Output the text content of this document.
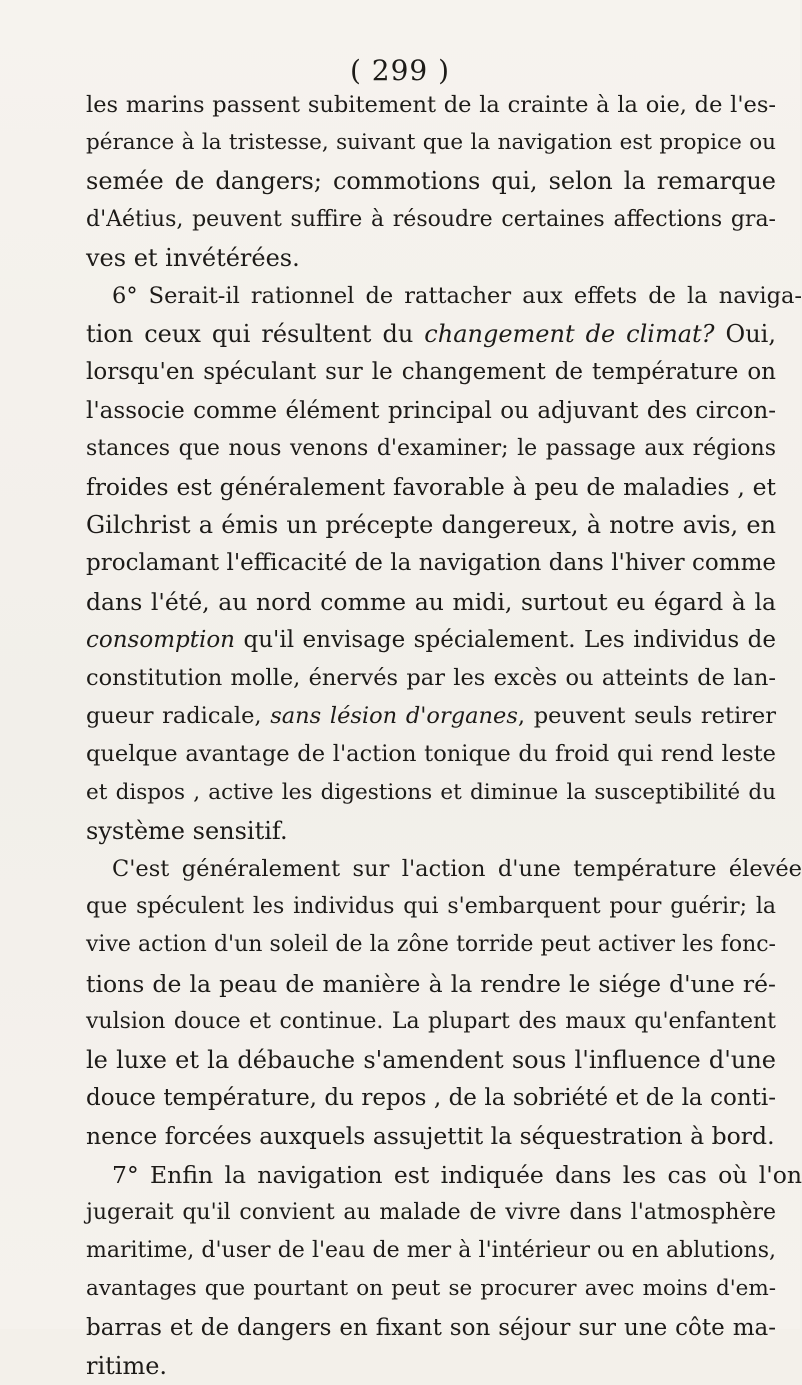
( 299 )
les marins passent subitement de la crainte à la oie, de l'es-
pérance à la tristesse, suivant que la navigation est propice ou
semée de dangers; commotions qui, selon la remarque
d'Aétius, peuvent suffire à résoudre certaines affections gra-
ves et invétérées.
6° Serait-il rationnel de rattacher aux effets de la naviga-
tion ceux qui résultent du changement de climat? Oui,
lorsqu'en spéculant sur le changement de température on
l'associe comme élément principal ou adjuvant des circon-
stances que nous venons d'examiner; le passage aux régions
froides est généralement favorable à peu de maladies , et
Gilchrist a émis un précepte dangereux, à notre avis, en
proclamant l'efficacité de la navigation dans l'hiver comme
dans l'été, au nord comme au midi, surtout eu égard à la
consomption qu'il envisage spécialement. Les individus de
constitution molle, énervés par les excès ou atteints de lan-
gueur radicale, sans lésion d'organes, peuvent seuls retirer
quelque avantage de l'action tonique du froid qui rend leste
et dispos , active les digestions et diminue la susceptibilité du
système sensitif.
C'est généralement sur l'action d'une température élevée
que spéculent les individus qui s'embarquent pour guérir; la
vive action d'un soleil de la zône torride peut activer les fonc-
tions de la peau de manière à la rendre le siége d'une ré-
vulsion douce et continue. La plupart des maux qu'enfantent
le luxe et la débauche s'amendent sous l'influence d'une
douce température, du repos , de la sobriété et de la conti-
nence forcées auxquels assujettit la séquestration à bord.
7° Enfin la navigation est indiquée dans les cas où l'on
jugerait qu'il convient au malade de vivre dans l'atmosphère
maritime, d'user de l'eau de mer à l'intérieur ou en ablutions,
avantages que pourtant on peut se procurer avec moins d'em-
barras et de dangers en fixant son séjour sur une côte ma-
ritime.
